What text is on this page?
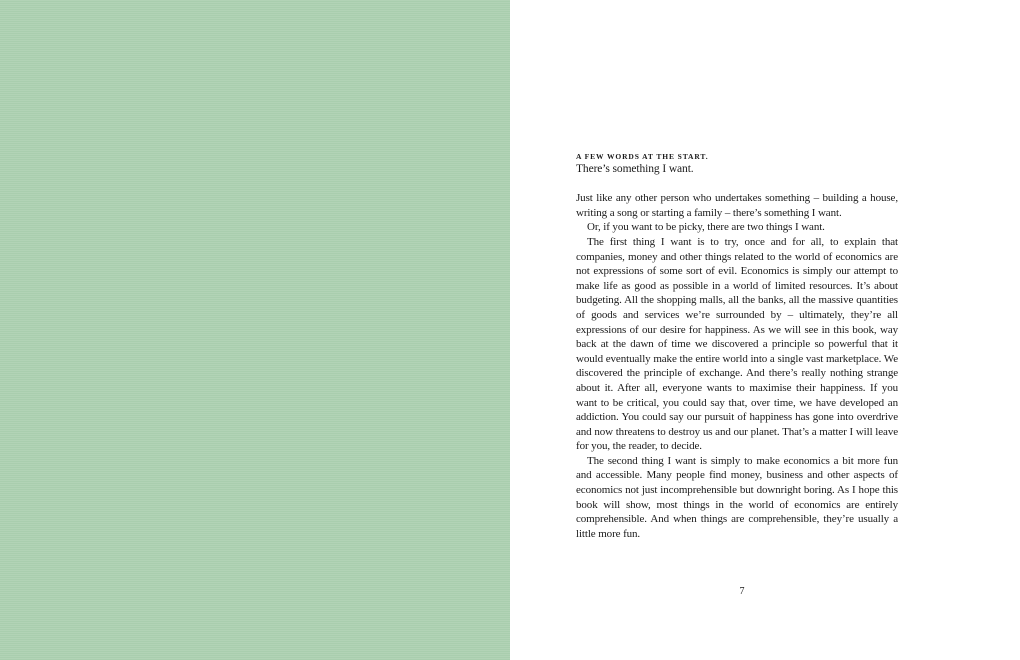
A FEW WORDS AT THE START.

There’s something I want.

Just like any other person who undertakes something – building a house, writing a song or starting a family – there’s something I want.

Or, if you want to be picky, there are two things I want.

The first thing I want is to try, once and for all, to explain that companies, money and other things related to the world of economics are not expressions of some sort of evil. Economics is simply our attempt to make life as good as possible in a world of limited resources. It’s about budgeting. All the shopping malls, all the banks, all the massive quantities of goods and services we’re surrounded by – ultimately, they’re all expressions of our desire for happiness. As we will see in this book, way back at the dawn of time we discovered a principle so powerful that it would eventually make the entire world into a single vast marketplace. We discovered the principle of exchange. And there’s really nothing strange about it. After all, everyone wants to maximise their happiness. If you want to be critical, you could say that, over time, we have developed an addiction. You could say our pursuit of happiness has gone into overdrive and now threatens to destroy us and our planet. That’s a matter I will leave for you, the reader, to decide.

The second thing I want is simply to make economics a bit more fun and accessible. Many people find money, business and other aspects of economics not just incomprehensible but downright boring. As I hope this book will show, most things in the world of economics are entirely comprehensible. And when things are comprehensible, they’re usually a little more fun.

7
